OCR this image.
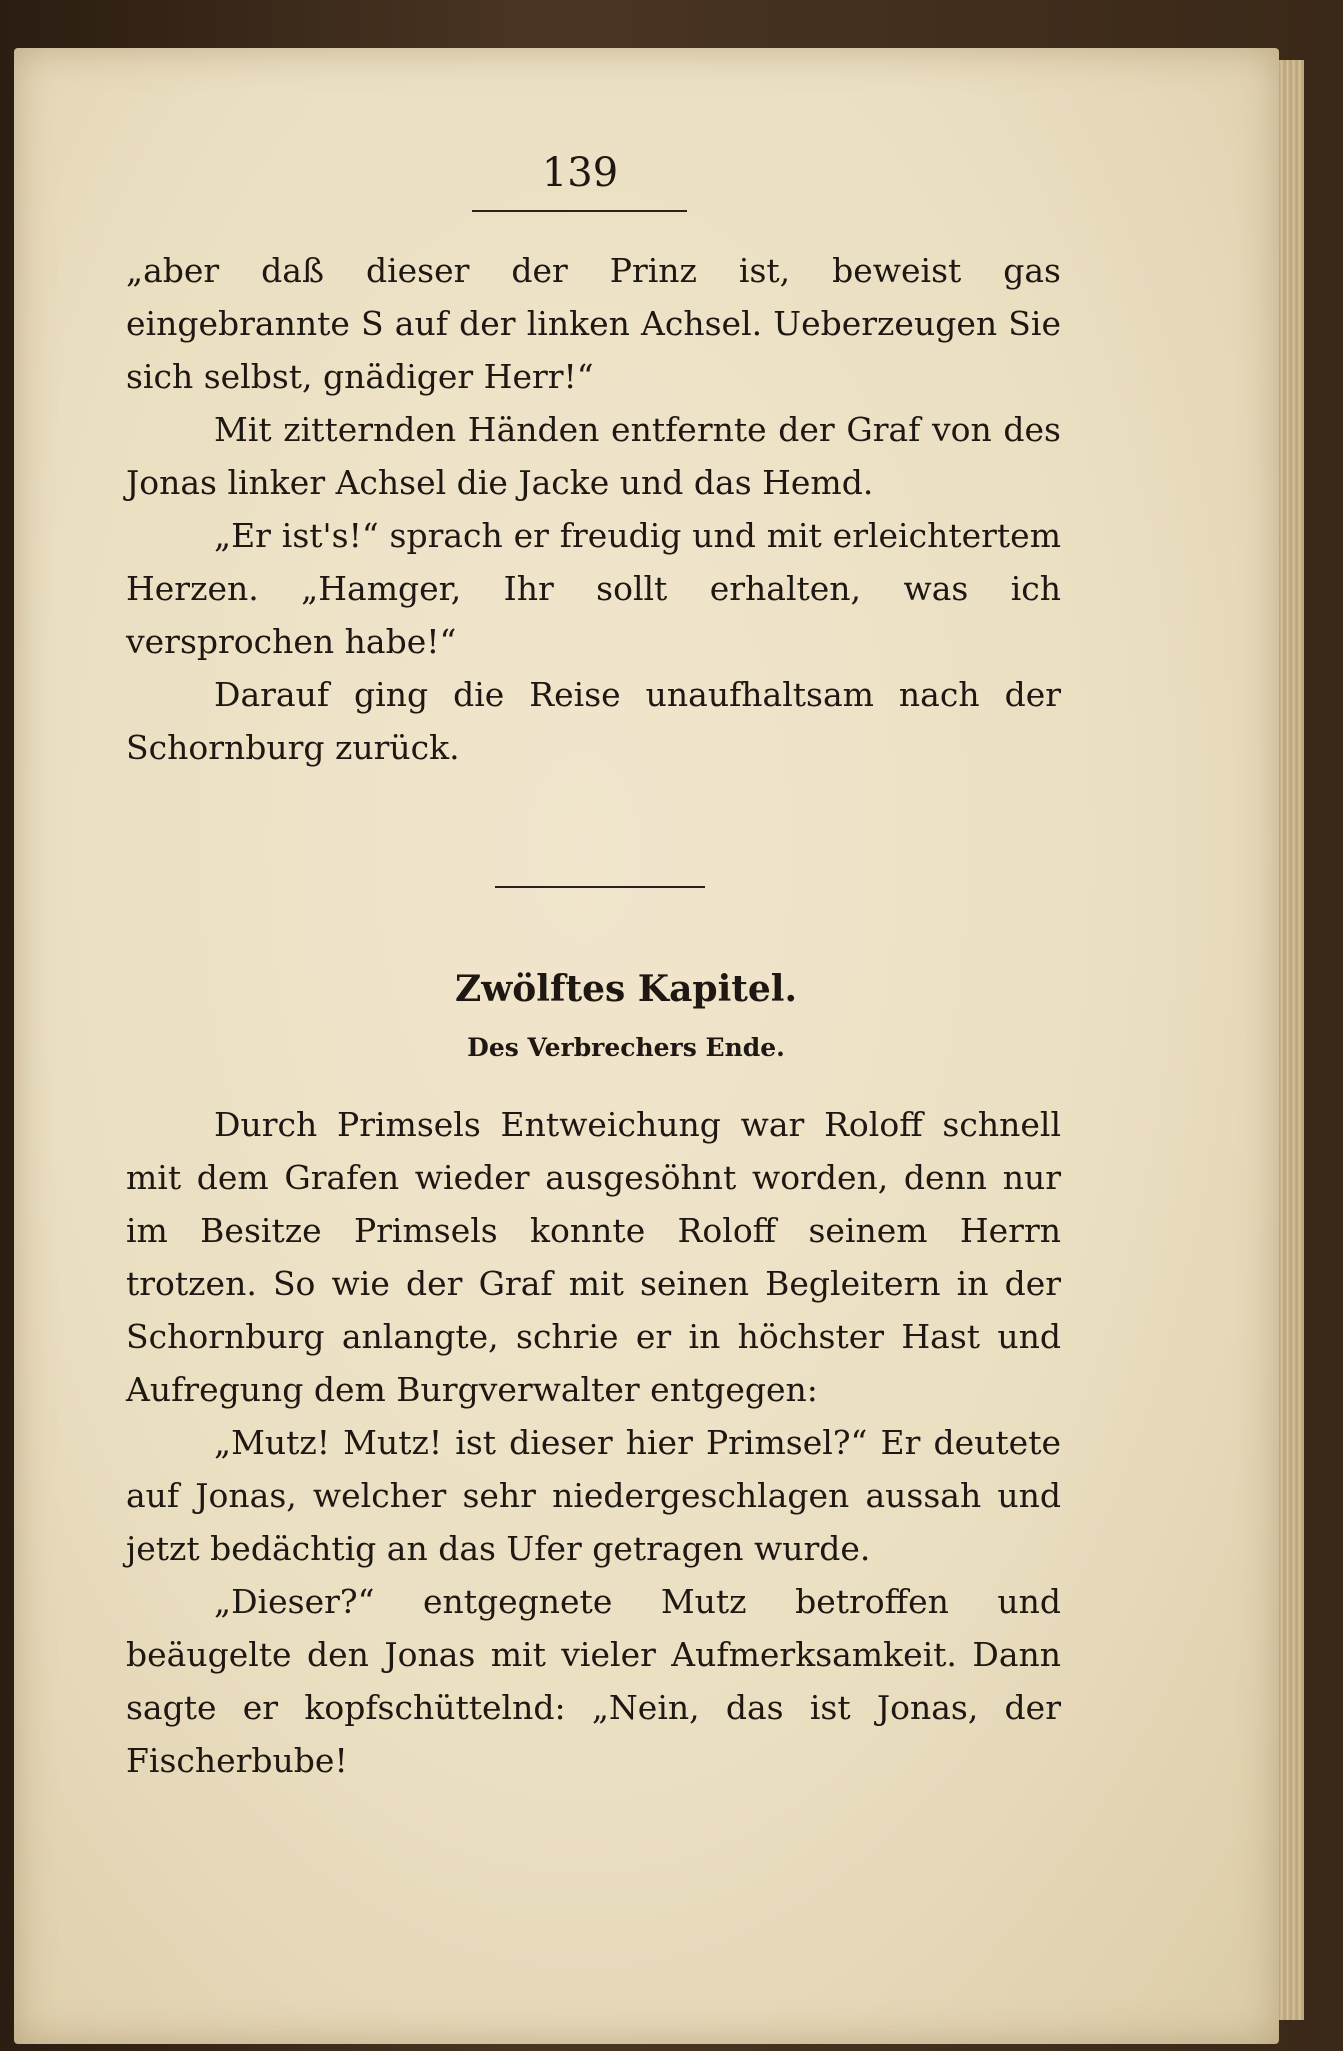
139

„aber daß dieser der Prinz ist, beweist gas eingebrannte S auf der linken Achsel. Ueberzeugen Sie sich selbst, gnädiger Herr!“

Mit zitternden Händen entfernte der Graf von des Jonas linker Achsel die Jacke und das Hemd.

„Er ist's!“ sprach er freudig und mit erleichtertem Herzen. „Hamger, Ihr sollt erhalten, was ich versprochen habe!“

Darauf ging die Reise unaufhaltsam nach der Schornburg zurück.

Zwölftes Kapitel.
Des Verbrechers Ende.

Durch Primsels Entweichung war Roloff schnell mit dem Grafen wieder ausgesöhnt worden, denn nur im Besitze Primsels konnte Roloff seinem Herrn trotzen. So wie der Graf mit seinen Begleitern in der Schornburg anlangte, schrie er in höchster Hast und Aufregung dem Burgverwalter entgegen:

„Mutz! Mutz! ist dieser hier Primsel?“ Er deutete auf Jonas, welcher sehr niedergeschlagen aussah und jetzt bedächtig an das Ufer getragen wurde.

„Dieser?“ entgegnete Mutz betroffen und beäugelte den Jonas mit vieler Aufmerksamkeit. Dann sagte er kopfschüttelnd: „Nein, das ist Jonas, der Fischerbube!
